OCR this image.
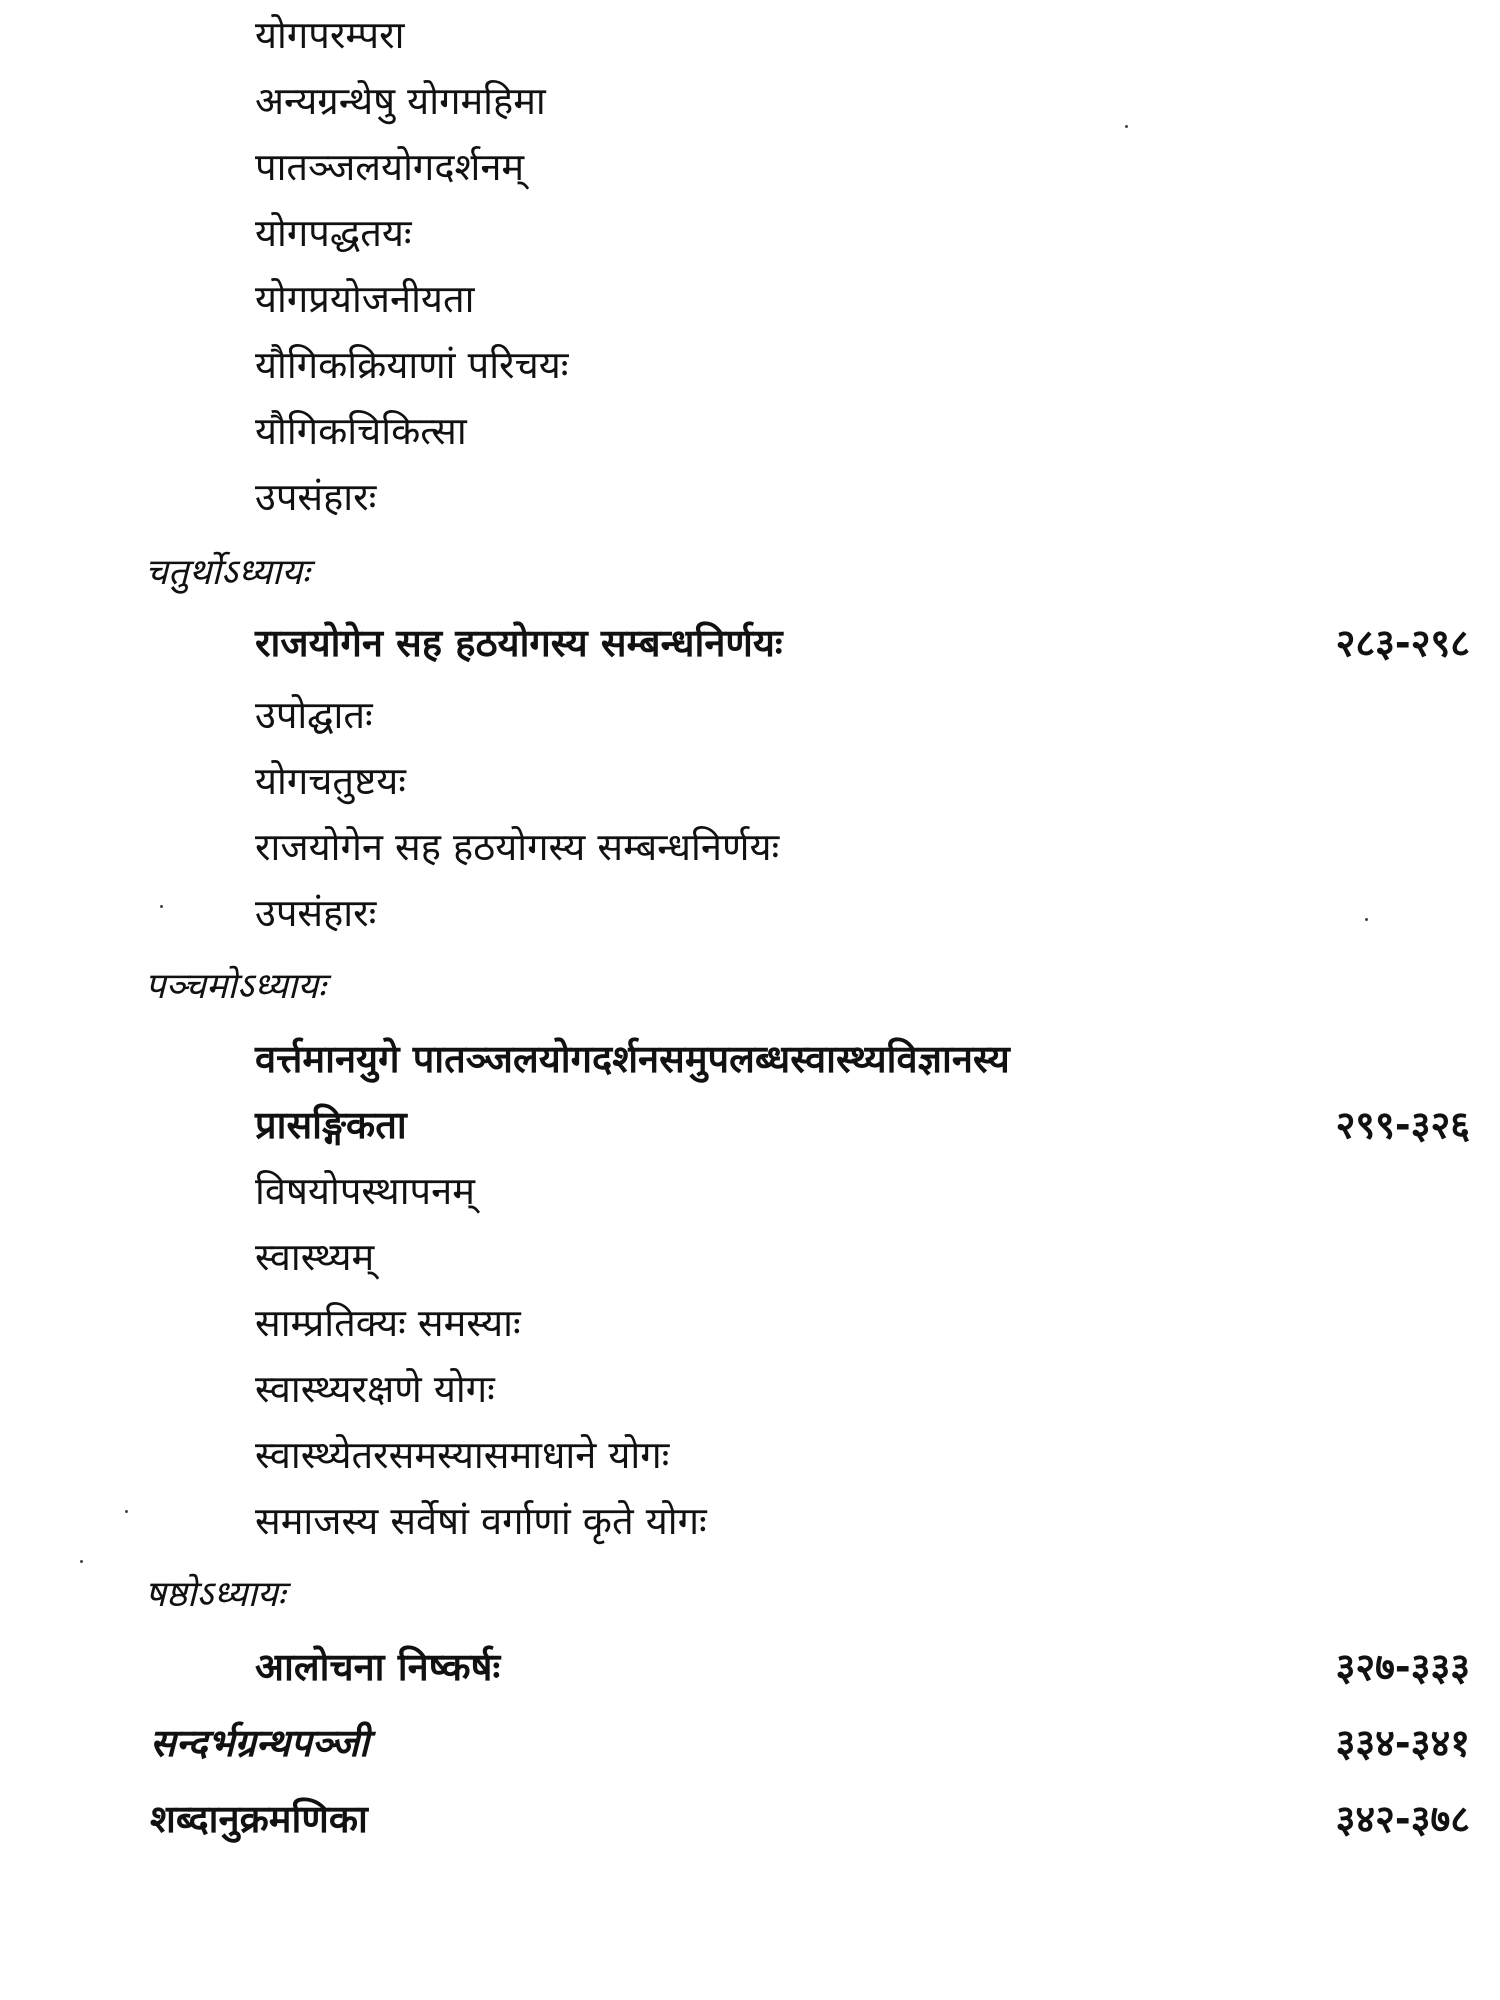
योगपरम्परा
अन्यग्रन्थेषु योगमहिमा
पातञ्जलयोगदर्शनम्
योगपद्धतयः
योगप्रयोजनीयता
यौगिकक्रियाणां परिचयः
यौगिकचिकित्सा
उपसंहारः
चतुर्थोऽध्यायः
राजयोगेन सह हठयोगस्य सम्बन्धनिर्णयः	२८३-२९८
उपोद्घातः
योगचतुष्टयः
राजयोगेन सह हठयोगस्य सम्बन्धनिर्णयः
उपसंहारः
पञ्चमोऽध्यायः
वर्त्तमानयुगे पातञ्जलयोगदर्शनसमुपलब्धस्वास्थ्यविज्ञानस्य
प्रासङ्गिकता	२९९-३२६
विषयोपस्थापनम्
स्वास्थ्यम्
साम्प्रतिक्यः समस्याः
स्वास्थ्यरक्षणे योगः
स्वास्थ्येतरसमस्यासमाधाने योगः
समाजस्य सर्वेषां वर्गाणां कृते योगः
षष्ठोऽध्यायः
आलोचना निष्कर्षः	३२७-३३३
सन्दर्भग्रन्थपञ्जी	३३४-३४१
शब्दानुक्रमणिका	३४२-३७८
